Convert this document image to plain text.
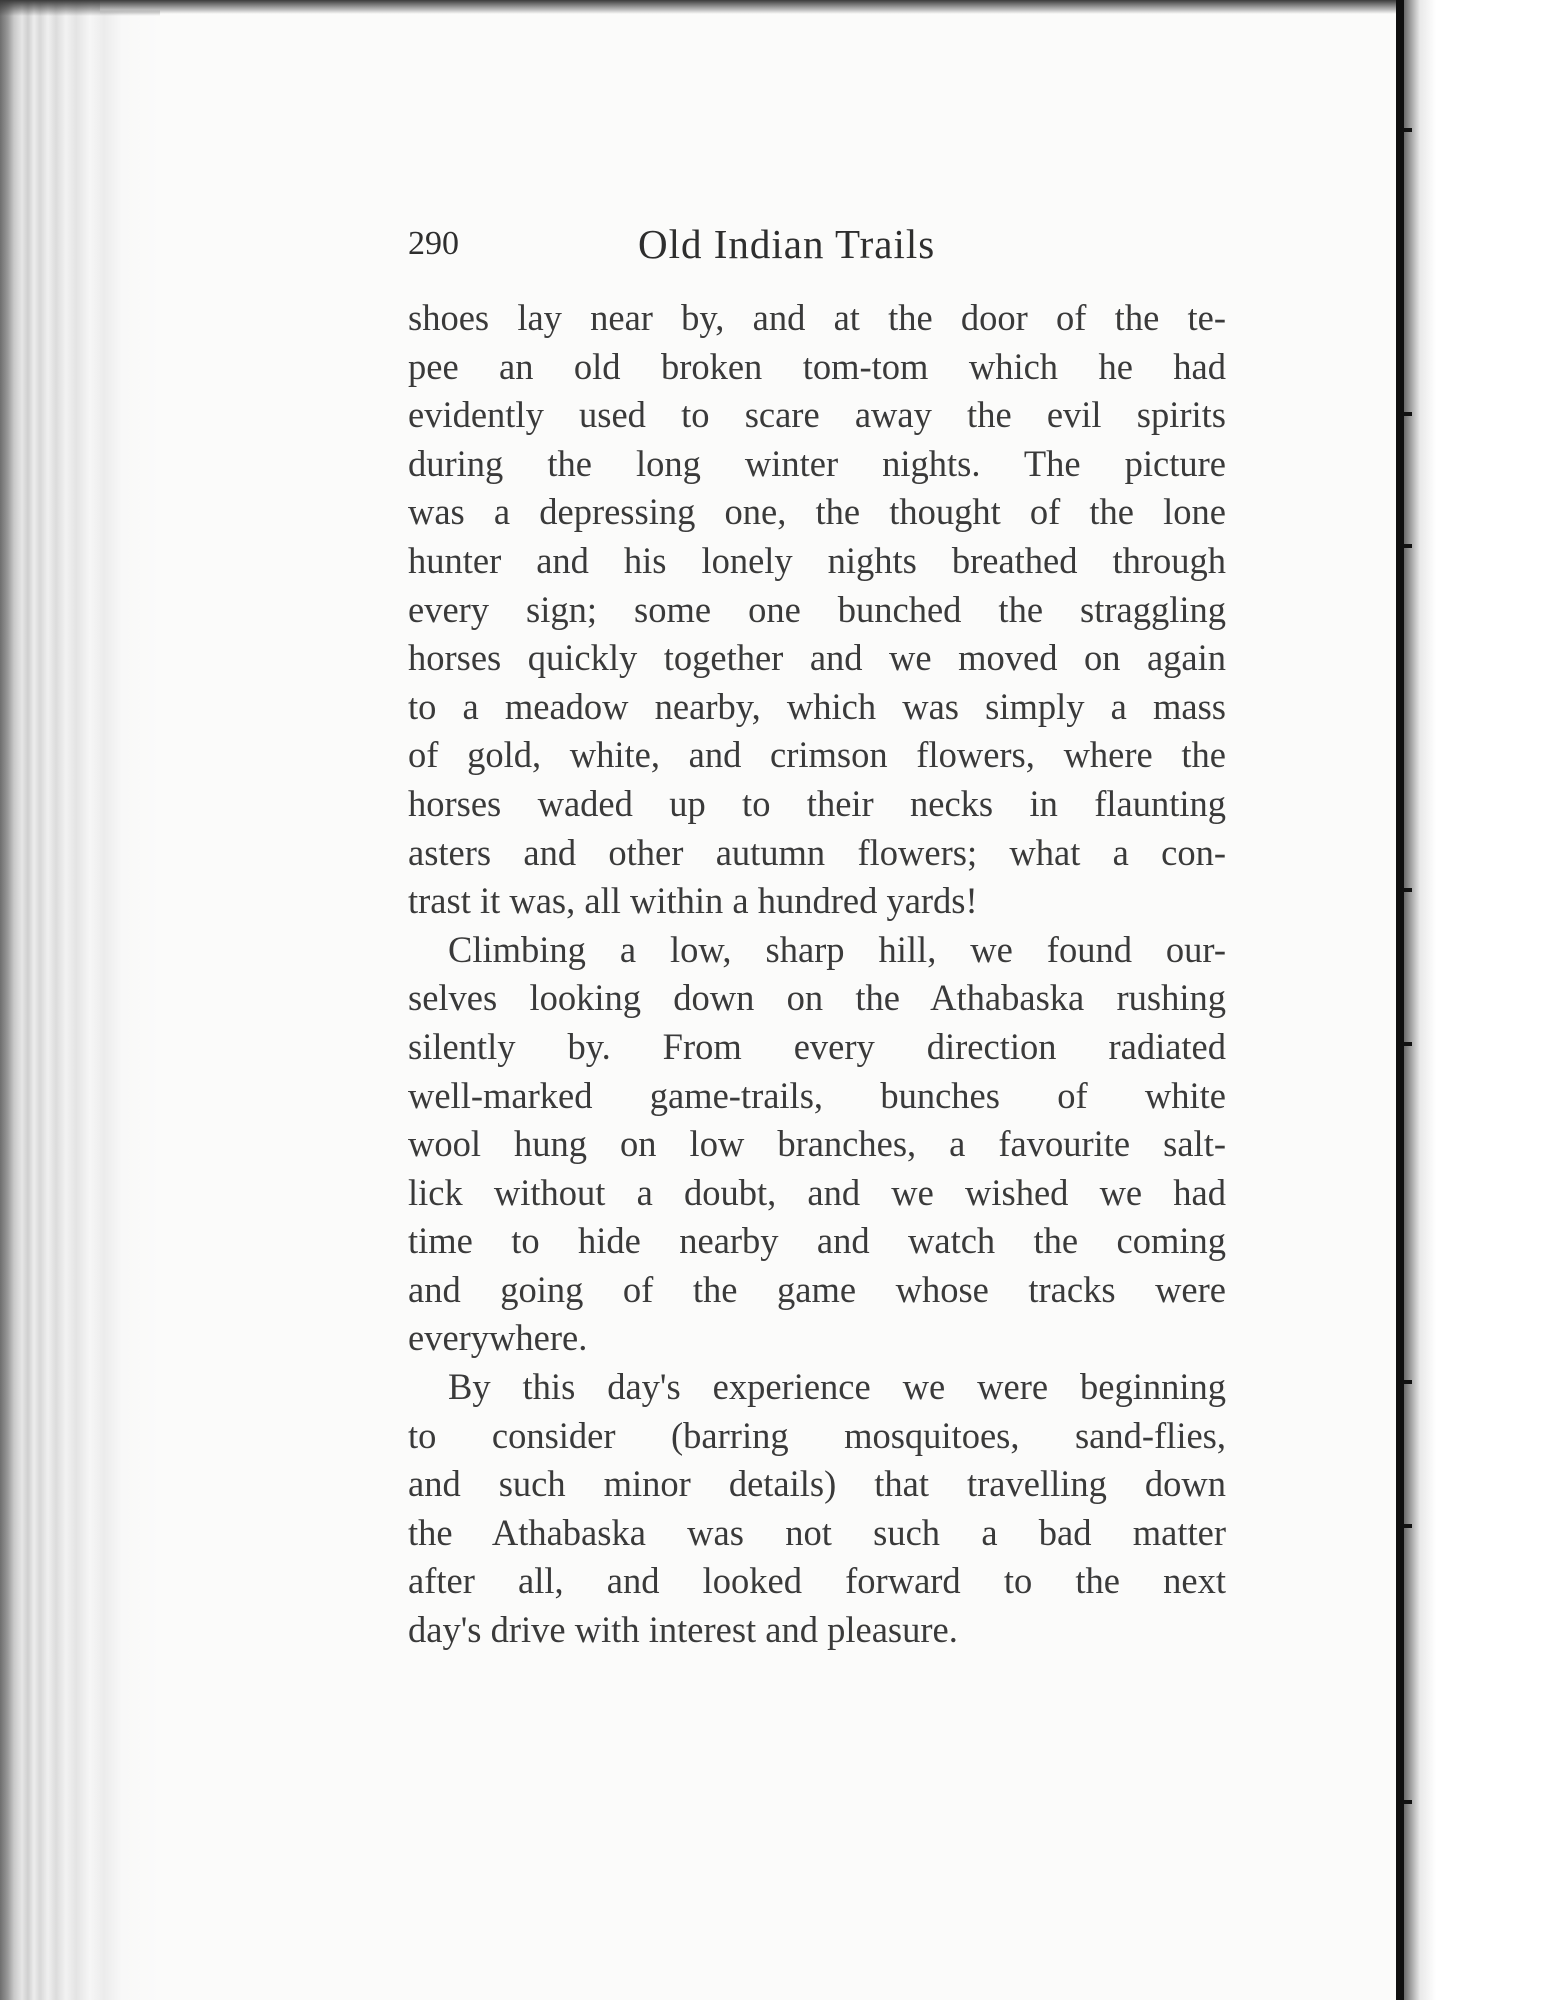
290	Old Indian Trails

shoes lay near by, and at the door of the te-
pee an old broken tom-tom which he had
evidently used to scare away the evil spirits
during the long winter nights. The picture
was a depressing one, the thought of the lone
hunter and his lonely nights breathed through
every sign; some one bunched the straggling
horses quickly together and we moved on again
to a meadow nearby, which was simply a mass
of gold, white, and crimson flowers, where the
horses waded up to their necks in flaunting
asters and other autumn flowers; what a con-
trast it was, all within a hundred yards!

Climbing a low, sharp hill, we found our-
selves looking down on the Athabaska rushing
silently by. From every direction radiated
well-marked game-trails, bunches of white
wool hung on low branches, a favourite salt-
lick without a doubt, and we wished we had
time to hide nearby and watch the coming
and going of the game whose tracks were
everywhere.

By this day's experience we were beginning
to consider (barring mosquitoes, sand-flies,
and such minor details) that travelling down
the Athabaska was not such a bad matter
after all, and looked forward to the next
day's drive with interest and pleasure.
